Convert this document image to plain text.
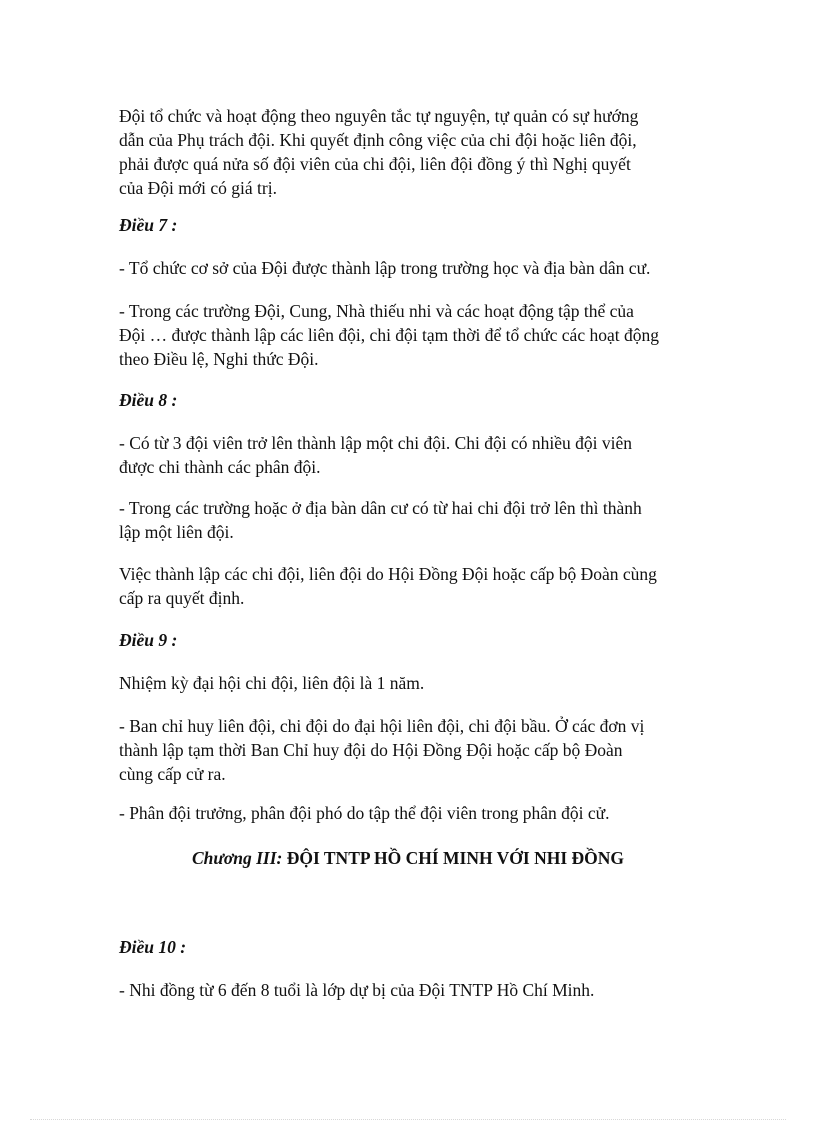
Đội tổ chức và hoạt động theo nguyên tắc tự nguyện, tự quản có sự hướng
dẫn của Phụ trách đội. Khi quyết định công việc của chi đội hoặc liên đội,
phải được quá nửa số đội viên của chi đội, liên đội đồng ý thì Nghị quyết
của Đội mới có giá trị.

Điều 7 :

- Tổ chức cơ sở của Đội được thành lập trong trường học và địa bàn dân cư.

- Trong các trường Đội, Cung, Nhà thiếu nhi và các hoạt động tập thể của
Đội … được thành lập các liên đội, chi đội tạm thời để tổ chức các hoạt động
theo Điều lệ, Nghi thức Đội.

Điều 8 :

- Có từ 3 đội viên trở lên thành lập một chi đội. Chi đội có nhiều đội viên
được chi thành các phân đội.

- Trong các trường hoặc ở địa bàn dân cư có từ hai chi đội trở lên thì thành
lập một liên đội.

Việc thành lập các chi đội, liên đội do Hội Đồng Đội hoặc cấp bộ Đoàn cùng
cấp ra quyết định.

Điều 9 :

Nhiệm kỳ đại hội chi đội, liên đội là 1 năm.

- Ban chỉ huy liên đội, chi đội do đại hội liên đội, chi đội bầu. Ở các đơn vị
thành lập tạm thời Ban Chỉ huy đội do Hội Đồng Đội hoặc cấp bộ Đoàn
cùng cấp cử ra.

- Phân đội trưởng, phân đội phó do tập thể đội viên trong phân đội cử.

Chương III: ĐỘI TNTP HỒ CHÍ MINH VỚI NHI ĐỒNG

Điều 10 :

- Nhi đồng từ 6 đến 8 tuổi là lớp dự bị của Đội TNTP Hồ Chí Minh.
